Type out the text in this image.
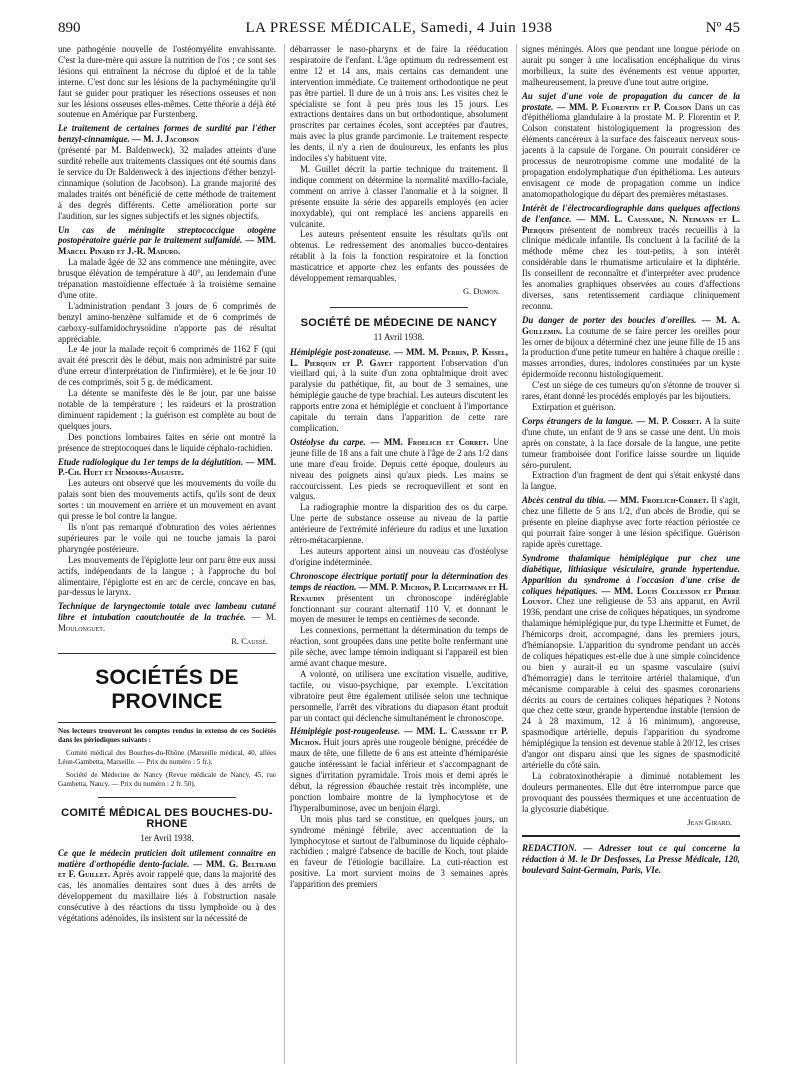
890	LA PRESSE MÉDICALE, Samedi, 4 Juin 1938	Nº 45

une pathogénie nouvelle de l'ostéomyélite envahissante. C'est la dure-mère qui assure la nutrition de l'os ; ce sont ses lésions qui entraînent la nécrose du diploé et de la table interne. C'est donc sur les lésions de la pachyméningite qu'il faut se guider pour pratiquer les résections osseuses et non sur les lésions osseuses elles-mêmes. Cette théorie a déjà été soutenue en Amérique par Furstenberg.

Le traitement de certaines formes de surdité par l'éther benzyl-cinnamique. — M. J. Jacobson

(présenté par M. Baldenweck). 32 malades atteints d'une surdité rebelle aux traitements classiques ont été soumis dans le service du Dr Baldenweck à des injections d'éther benzyl-cinnamique (solution de Jacobson). La grande majorité des malades traités ont bénéficié de cette méthode de traitement à des degrés différents. Cette amélioration porte sur l'audition, sur les signes subjectifs et les signes objectifs.

Un cas de méningite streptococcique otogène postopératoire guérie par le traitement sulfamidé. — MM. Marcel Pinard et J.-R. Maduro.

La malade âgée de 32 ans commence une méningite, avec brusque élévation de température à 40°, au lendemain d'une trépanation mastoïdienne effectuée à la troisième semaine d'une otite.

L'administration pendant 3 jours de 6 comprimés de benzyl amino-benzène sulfamide et de 6 comprimés de carboxy-sulfamidochrysoïdine n'apporte pas de résultat appréciable.

Le 4e jour la malade reçoit 6 comprimés de 1162 F (qui avait été prescrit dès le début, mais non administré par suite d'une erreur d'interprétation de l'infirmière), et le 6e jour 10 de ces comprimés, soit 5 g. de médicament.

La détente se manifeste dès le 8e jour, par une baisse notable de la température ; les raideurs et la prostration diminuent rapidement ; la guérison est complète au bout de quelques jours.

Des ponctions lombaires faites en série ont montré la présence de streptocoques dans le liquide céphalo-rachidien.

Etude radiologique du 1er temps de la déglutition. — MM. P.-Ch. Huet et Nemours-Auguste.

Les auteurs ont observé que les mouvements du voile du palais sont bien des mouvements actifs, qu'ils sont de deux sortes : un mouvement en arrière et un mouvement en avant qui presse le bol contre la langue.

Ils n'ont pas remarqué d'obturation des voies aériennes supérieures par le voile qui ne touche jamais la paroi pharyngée postérieure.

Les mouvements de l'épiglotte leur ont paru être eux aussi actifs, indépendants de la langue ; à l'approche du bol alimentaire, l'épiglotte est en arc de cercle, concave en bas, par-dessus le larynx.

Technique de laryngectomie totale avec lambeau cutané libre et intubation caoutchoutée de la trachée. — M. Moulonguet.

R. Caussé.
SOCIÉTÉS DE PROVINCE

Nos lecteurs trouveront les comptes rendus in extenso de ces Sociétés dans les périodiques suivants :

Comité médical des Bouches-du-Rhône (Marseille médical, 40, allées Léon-Gambetta, Marseille. — Prix du numéro : 5 fr.).

Société de Médecine de Nancy (Revue médicale de Nancy, 45, rue Gambetta, Nancy. — Prix du numéro : 2 fr. 50).

COMITÉ MÉDICAL DES BOUCHES-DU-RHONE
1er Avril 1938.

Ce que le médecin praticien doit utilement connaître en matière d'orthopédie dento-faciale. — MM. G. Beltrami et F. Guillet. Après avoir rappelé que, dans la majorité des cas, les anomalies dentaires sont dues à des arrêts de développement du maxillaire liés à l'obstruction nasale consécutive à des réactions du tissu lymphoïde ou à des végétations adénoïdes, ils insistent sur la nécessité de

débarrasser le naso-pharynx et de faire la rééducation respiratoire de l'enfant. L'âge optimum du redressement est entre 12 et 14 ans, mais certains cas demandent une intervention immédiate. Ce traitement orthodontique ne peut pas être partiel. Il dure de un à trois ans. Les visites chez le spécialiste se font à peu près tous les 15 jours. Les extractions dentaires dans un but orthodontique, absolument proscrites par certaines écoles, sont acceptées par d'autres, mais avec la plus grande parcimonie. Le traitement respecte les dents, il n'y a rien de douloureux, les enfants les plus indociles s'y habituent vite.

M. Guillet décrit la partie technique du traitement. Il indique comment on détermine la normalité maxillo-faciale, comment on arrive à classer l'anomalie et à la soigner. Il présente ensuite la série des appareils employés (en acier inoxydable), qui ont remplacé les anciens appareils en vulcanite.

Les auteurs présentent ensuite les résultats qu'ils ont obtenus. Le redressement des anomalies bucco-dentaires rétablit à la fois la fonction respiratoire et la fonction masticatrice et apporte chez les enfants des poussées de développement remarquables.

G. Dumon.
SOCIÉTÉ DE MÉDECINE DE NANCY
11 Avril 1938.

Hémiplégie post-zonateuse. — MM. M. Perrin, P. Kissel, L. Pierquin et P. Gayet rapportent l'observation d'un vieillard qui, à la suite d'un zona ophtalmique droit avec paralysie du pathétique, fit, au bout de 3 semaines, une hémiplégie gauche de type brachial. Les auteurs discutent les rapports entre zona et hémiplégie et concluent à l'importance capitale du terrain dans l'apparition de cette rare complication.

Ostéolyse du carpe. — MM. Froelich et Corret. Une jeune fille de 18 ans a fait une chute à l'âge de 2 ans 1/2 dans une mare d'eau froide. Depuis cette époque, douleurs au niveau des poignets ainsi qu'aux pieds. Les mains se raccourcissent. Les pieds se recroquevillent et sont en valgus.

La radiographie montre la disparition des os du carpe. Une perte de substance osseuse au niveau de la partie antérieure de l'extrémité inférieure du radius et une luxation rétro-métacarpienne.

Les auteurs apportent ainsi un nouveau cas d'ostéolyse d'origine indéterminée.

Chronoscope électrique portatif pour la détermination des temps de réaction. — MM. P. Michon, P. Leichtmann et H. Renaudin présentent un chronoscope indéréglable fonctionnant sur courant alternatif 110 V. et donnant le moyen de mesurer le temps en centièmes de seconde.

Les connexions, permettant la détermination du temps de réaction, sont groupées dans une petite boîte renfermant une pile sèche, avec lampe témoin indiquant si l'appareil est bien armé avant chaque mesure.

A volonté, on utilisera une excitation visuelle, auditive, tactile, ou visuo-psychique, par exemple. L'excitation vibratoire peut être également utilisée selon une technique personnelle, l'arrêt des vibrations du diapason étant produit par un contact qui déclenche simultanément le chronoscope.

Hémiplégie post-rougeoleuse. — MM. L. Caussade et P. Michon. Huit jours après une rougeole bénigne, précédée de maux de tête, une fillette de 6 ans est atteinte d'hémiparésie gauche intéressant le facial inférieur et s'accompagnant de signes d'irritation pyramidale. Trois mois et demi après le début, la régression ébauchée restait très incomplète, une ponction lombaire montre de la lymphocytose et de l'hyperalbuminose, avec un benjoin élargi.

Un mois plus tard se constitue, en quelques jours, un syndrome méningé fébrile, avec accentuation de la lymphocytose et surtout de l'albuminose du liquide céphalo-rachidien ; malgré l'absence de bacille de Koch, tout plaide en faveur de l'étiologie bacillaire. La cuti-réaction est positive. La mort survient moins de 3 semaines après l'apparition des premiers

signes méningés. Alors que pendant une longue période on aurait pu songer à une localisation encéphalique du virus morbilleux, la suite des événements est venue apporter, malheureusement, la preuve d'une tout autre origine.

Au sujet d'une voie de propagation du cancer de la prostate. — MM. P. Florentin et P. Colson Dans un cas d'épithélioma glandulaire à la prostate M. P. Florentin et P. Colson constatent histologiquement la progression des éléments cancéreux à la surface des faisceaux nerveux sous-jacents à la capsule de l'organe. On pourrait considérer ce processus de neurotropisme comme une modalité de la propagation endolymphatique d'un épithélioma. Les auteurs envisagent ce mode de propagation comme un indice anatomopathologique du départ des premières métastases.

Intérêt de l'électrocardiographie dans quelques affections de l'enfance. — MM. L. Caussade, N. Neimann et L. Pierquin présentent de nombreux tracés recueillis à la clinique médicale infantile. Ils concluent à la facilité de la méthode même chez les tout-petits, à son intérêt considérable dans le rhumatisme articulaire et la diphtérie. Ils conseillent de reconnaître et d'interpréter avec prudence les anomalies graphiques observées au cours d'affections diverses, sans retentissement cardiaque cliniquement reconnu.

Du danger de porter des boucles d'oreilles. — M. A. Guillemin. La coutume de se faire percer les oreilles pour les orner de bijoux a déterminé chez une jeune fille de 15 ans la production d'une petite tumeur en haltère à chaque oreille : masses arrondies, dures, indolores constituées par un kyste épidermoïde reconnu histologiquement.

C'est un siège de ces tumeurs qu'on s'étonne de trouver si rares, étant donné les procédés employés par les bijoutiers.

Extirpation et guérison.

Corps étrangers de la langue. — M. P. Corret. A la suite d'une chute, un enfant de 9 ans se casse une dent. Un mois après on constate, à la face dorsale de la langue, une petite tumeur framboisée dont l'orifice laisse sourdre un liquide séro-purulent.

Extraction d'un fragment de dent qui s'était enkysté dans la langue.

Abcès central du tibia. — MM. Froelich-Corret. Il s'agit, chez une fillette de 5 ans 1/2, d'un abcès de Brodie, qui se présente en pleine diaphyse avec forte réaction périostée ce qui pourrait faire songer à une lésion spécifique. Guérison rapide après curettage.

Syndrome thalamique hémiplégique pur chez une diabétique, lithiasique vésiculaire, grande hypertendue. Apparition du syndrome à l'occasion d'une crise de coliques hépatiques. — MM. Louis Collesson et Pierre Louyot. Chez une religieuse de 53 ans apparut, en Avril 1936, pendant une crise de coliques hépatiques, un syndrome thalamique hémiplégique pur, du type Lhermitte et Fumet, de l'hémicorps droit, accompagné, dans les premiers jours, d'hémianopsie. L'apparition du syndrome pendant un accès de coliques hépatiques est-elle due à une simple coïncidence ou bien y aurait-il eu un spasme vasculaire (suivi d'hémorragie) dans le territoire artériel thalamique, d'un mécanisme comparable à celui des spasmes coronariens décrits au cours de certaines coliques hépatiques ? Notons que chez cette sœur, grande hypertendue instable (tension de 24 à 28 maximum, 12 à 16 minimum), angoreuse, spasmodique artérielle, depuis l'apparition du syndrome hémiplégique la tension est devenue stable à 20/12, les crises d'angor ont disparu ainsi que les signes de spasmodicité artérielle du côté sain.

La cobratoxinothérapie a diminué notablement les douleurs permanentes. Elle dut être interrompue parce que provoquant des poussées thermiques et une accentuation de la glycosurie diabétique.

Jean Girard.

REDACTION. — Adresser tout ce qui concerne la rédaction à M. le Dr Desfosses, La Presse Médicale, 120, boulevard Saint-Germain, Paris, VIe.
